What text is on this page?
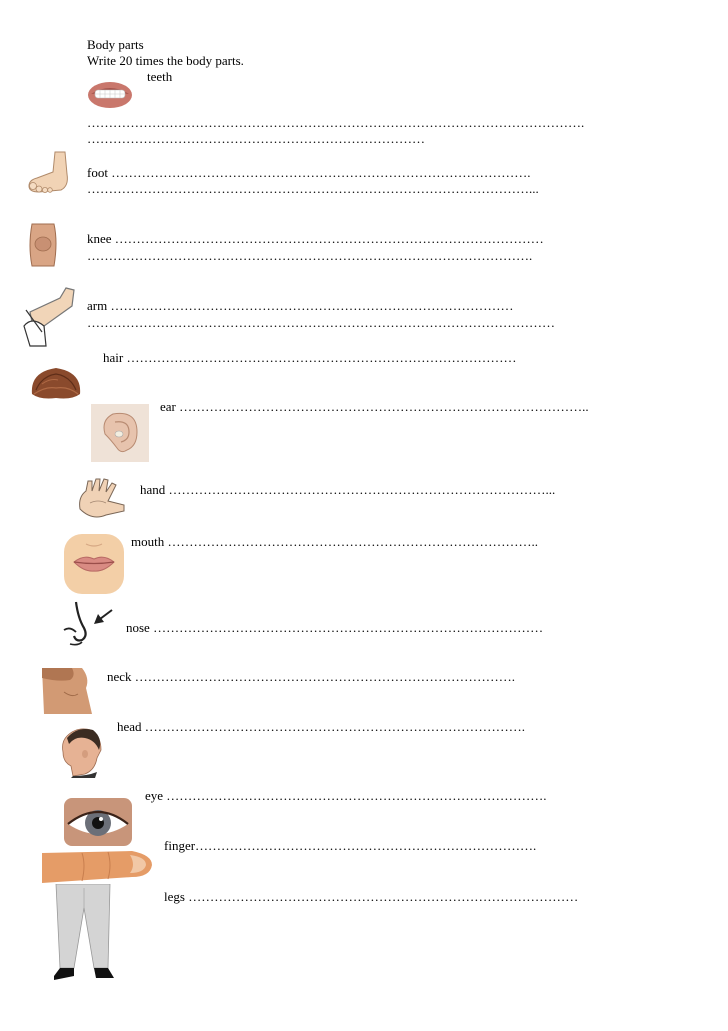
Body parts
Write 20 times the body parts.
teeth
…………………………………………………………………………………………………….
……………………………………………………………………
foot …………………………………………………………………………………….
…………………………………………………………………………………………...
knee ………………………………………………………………………………………
………………………………………………………………………………………….
arm …………………………………………………………………………………
………………………………………………………………………………………………
hair ………………………………………………………………………………
ear …………………………………………………………………………………..
hand ……………………………………………………………………………...
mouth …………………………………………………………………………..
nose ………………………………………………………………………………
neck …………………………………………………………………………….
head …………………………………………………………………………….
eye …………………………………………………………………………….
finger…………………………………………………………………….
legs ………………………………………………………………………………
